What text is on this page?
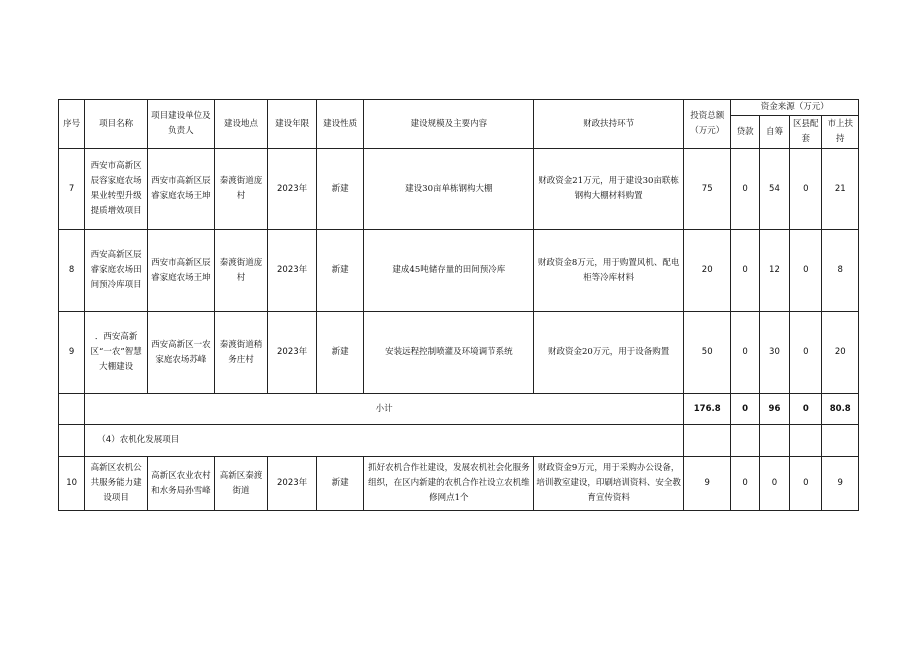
序号	项目名称	项目建设单位及负责人	建设地点	建设年限	建设性质	建设规模及主要内容	财政扶持环节	投资总额（万元）	资金来源（万元）			
									贷款	自筹	区县配套	市上扶持
7	西安市高新区辰容家庭农场果业转型升级提质增效项目	西安市高新区辰睿家庭农场王坤	秦渡街道庞村	2023年	新建	建设30亩单栋钢构大棚	财政资金21万元，用于建设30亩联栋钢构大棚材料购置	75	0	54	0	21
8	西安高新区辰睿家庭农场田间预冷库项目	西安市高新区辰睿家庭农场王坤	秦渡街道庞村	2023年	新建	建成45吨储存量的田间预冷库	财政资金8万元，用于购置风机、配电柜等冷库材料	20	0	12	0	8
9	．西安高新区“一农”智慧大棚建设	西安高新区一农家庭农场苏峰	秦渡街道稍务庄村	2023年	新建	安装远程控制喷灌及环境调节系统	财政资金20万元，用于设备购置	50	0	30	0	20
	小计							176.8	0	96	0	80.8
	（4）农机化发展项目											
10	高新区农机公共服务能力建设项目	高新区农业农村和水务局孙雪峰	高新区秦渡街道	2023年	新建	抓好农机合作社建设，发展农机社会化服务组织，在区内新建的农机合作社设立农机维修网点1个	财政资金9万元，用于采购办公设备，培训教室建设，印刷培训资料、安全教育宣传资料	9	0	0	0	9
